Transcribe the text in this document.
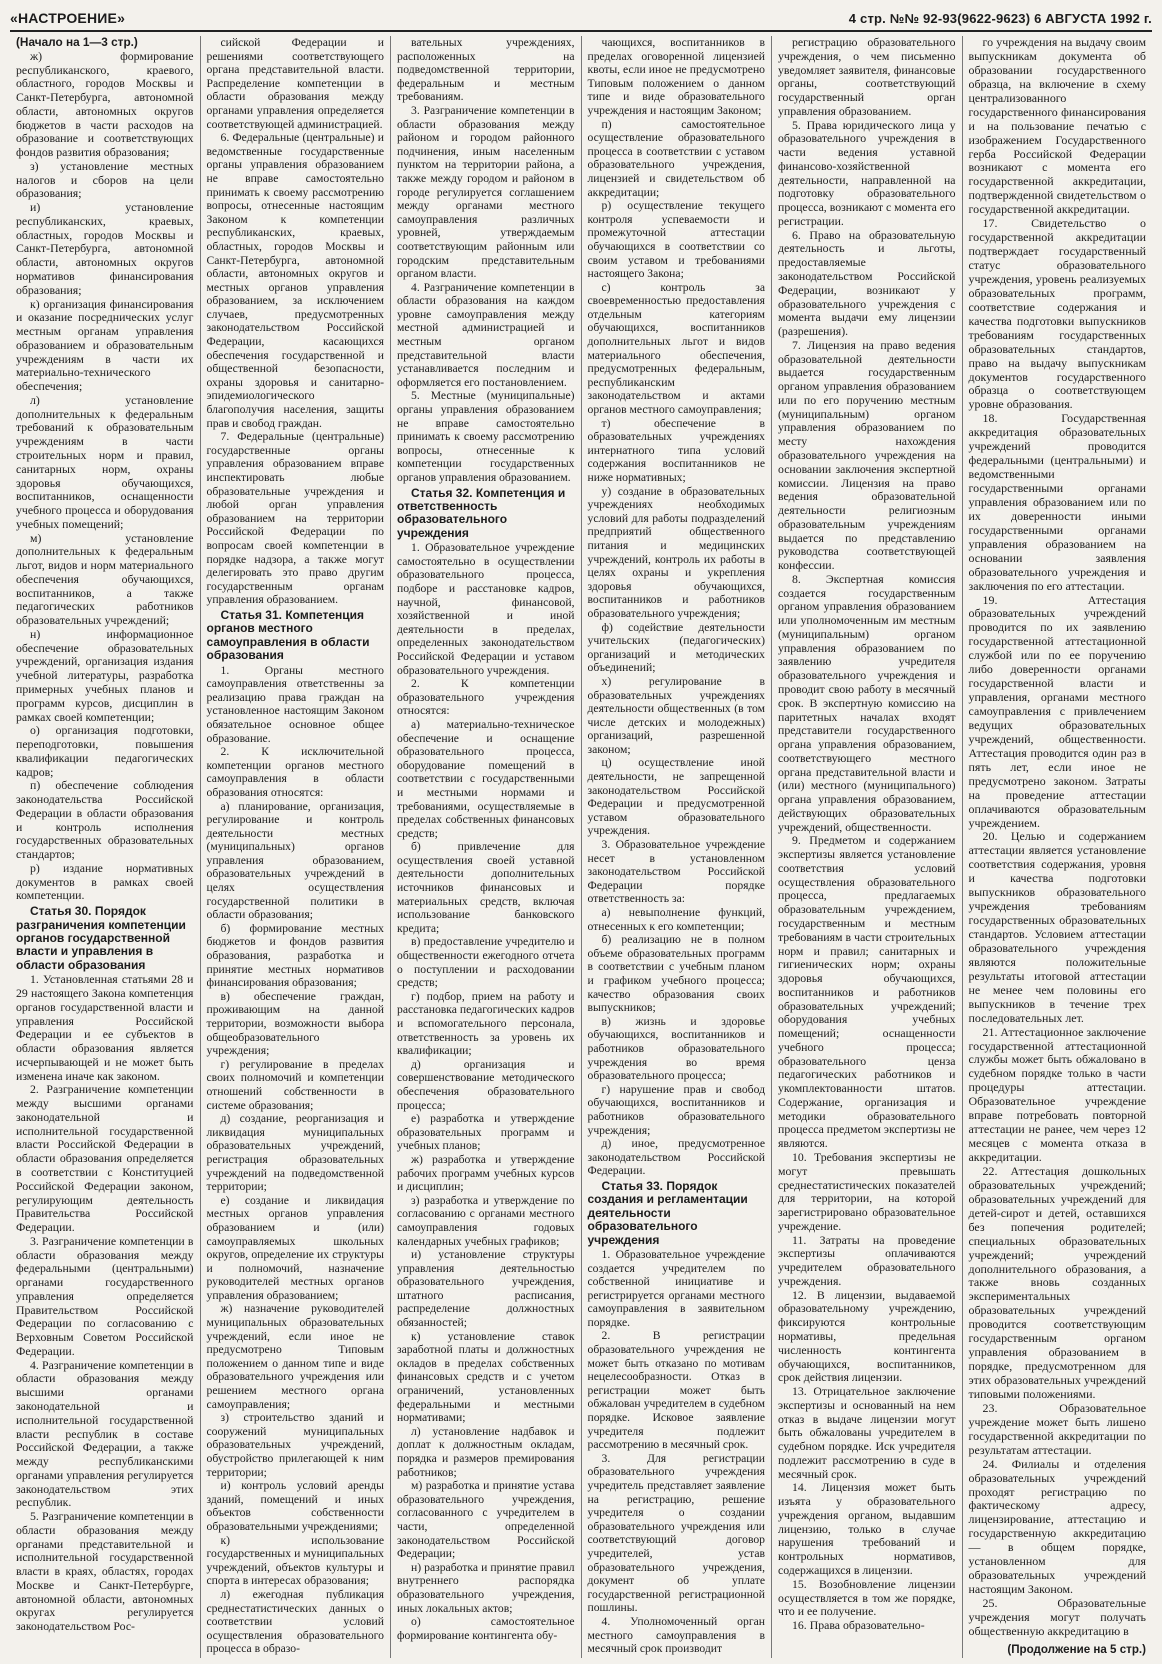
«НАСТРОЕНИЕ»	4 стр. №№ 92-93(9622-9623) 6 АВГУСТА 1992 г.

(Начало на 1—3 стр.)

ж) формирование республиканского, краевого, областного, городов Москвы и Санкт-Петербурга, автономной области, автономных округов бюджетов в части расходов на образование и соответствующих фондов развития образования;

з) установление местных налогов и сборов на цели образования;

и) установление республиканских, краевых, областных, городов Москвы и Санкт-Петербурга, автономной области, автономных округов нормативов финансирования образования;

к) организация финансирования и оказание посреднических услуг местным органам управления образованием и образовательным учреждениям в части их материально-технического обеспечения;

л) установление дополнительных к федеральным требований к образовательным учреждениям в части строительных норм и правил, санитарных норм, охраны здоровья обучающихся, воспитанников, оснащенности учебного процесса и оборудования учебных помещений;

м) установление дополнительных к федеральным льгот, видов и норм материального обеспечения обучающихся, воспитанников, а также педагогических работников образовательных учреждений;

н) информационное обеспечение образовательных учреждений, организация издания учебной литературы, разработка примерных учебных планов и программ курсов, дисциплин в рамках своей компетенции;

о) организация подготовки, переподготовки, повышения квалификации педагогических кадров;

п) обеспечение соблюдения законодательства Российской Федерации в области образования и контроль исполнения государственных образовательных стандартов;

р) издание нормативных документов в рамках своей компетенции.

Статья 30. Порядок разграничения компетенции органов государственной власти и управления в области образования

1. Установленная статьями 28 и 29 настоящего Закона компетенция органов государственной власти и управления Российской Федерации и ее субъектов в области образования является исчерпывающей и не может быть изменена иначе как законом.

2. Разграничение компетенции между высшими органами законодательной и исполнительной государственной власти Российской Федерации в области образования определяется в соответствии с Конституцией Российской Федерации законом, регулирующим деятельность Правительства Российской Федерации.

3. Разграничение компетенции в области образования между федеральными (центральными) органами государственного управления определяется Правительством Российской Федерации по согласованию с Верховным Советом Российской Федерации.

4. Разграничение компетенции в области образования между высшими органами законодательной и исполнительной государственной власти республик в составе Российской Федерации, а также между республиканскими органами управления регулируется законодательством этих республик.

5. Разграничение компетенции в области образования между органами представительной и исполнительной государственной власти в краях, областях, городах Москве и Санкт-Петербурге, автономной области, автономных округах регулируется законодательством Рос-

сийской Федерации и решениями соответствующего органа представительной власти. Распределение компетенции в области образования между органами управления определяется соответствующей администрацией.

6. Федеральные (центральные) и ведомственные государственные органы управления образованием не вправе самостоятельно принимать к своему рассмотрению вопросы, отнесенные настоящим Законом к компетенции республиканских, краевых, областных, городов Москвы и Санкт-Петербурга, автономной области, автономных округов и местных органов управления образованием, за исключением случаев, предусмотренных законодательством Российской Федерации, касающихся обеспечения государственной и общественной безопасности, охраны здоровья и санитарно-эпидемиологического благополучия населения, защиты прав и свобод граждан.

7. Федеральные (центральные) государственные органы управления образованием вправе инспектировать любые образовательные учреждения и любой орган управления образованием на территории Российской Федерации по вопросам своей компетенции в порядке надзора, а также могут делегировать это право другим государственным органам управления образованием.

Статья 31. Компетенция органов местного самоуправления в области образования

1. Органы местного самоуправления ответственны за реализацию права граждан на установленное настоящим Законом обязательное основное общее образование.

2. К исключительной компетенции органов местного самоуправления в области образования относятся:

а) планирование, организация, регулирование и контроль деятельности местных (муниципальных) органов управления образованием, образовательных учреждений в целях осуществления государственной политики в области образования;

б) формирование местных бюджетов и фондов развития образования, разработка и принятие местных нормативов финансирования образования;

в) обеспечение граждан, проживающим на данной территории, возможности выбора общеобразовательного учреждения;

г) регулирование в пределах своих полномочий и компетенции отношений собственности в системе образования;

д) создание, реорганизация и ликвидация муниципальных образовательных учреждений, регистрация образовательных учреждений на подведомственной территории;

е) создание и ликвидация местных органов управления образованием и (или) самоуправляемых школьных округов, определение их структуры и полномочий, назначение руководителей местных органов управления образованием;

ж) назначение руководителей муниципальных образовательных учреждений, если иное не предусмотрено Типовым положением о данном типе и виде образовательного учреждения или решением местного органа самоуправления;

з) строительство зданий и сооружений муниципальных образовательных учреждений, обустройство прилегающей к ним территории;

и) контроль условий аренды зданий, помещений и иных объектов собственности образовательными учреждениями;

к) использование государственных и муниципальных учреждений, объектов культуры и спорта в интересах образования;

л) ежегодная публикация среднестатистических данных о соответствии условий осуществления образовательного процесса в образо-

вательных учреждениях, расположенных на подведомственной территории, федеральным и местным требованиям.

3. Разграничение компетенции в области образования между районом и городом районного подчинения, иным населенным пунктом на территории района, а также между городом и районом в городе регулируется соглашением между органами местного самоуправления различных уровней, утверждаемым соответствующим районным или городским представительным органом власти.

4. Разграничение компетенции в области образования на каждом уровне самоуправления между местной администрацией и местным органом представительной власти устанавливается последним и оформляется его постановлением.

5. Местные (муниципальные) органы управления образованием не вправе самостоятельно принимать к своему рассмотрению вопросы, отнесенные к компетенции государственных органов управления образованием.

Статья 32. Компетенция и ответственность образовательного учреждения

1. Образовательное учреждение самостоятельно в осуществлении образовательного процесса, подборе и расстановке кадров, научной, финансовой, хозяйственной и иной деятельности в пределах, определенных законодательством Российской Федерации и уставом образовательного учреждения.

2. К компетенции образовательного учреждения относятся:

а) материально-техническое обеспечение и оснащение образовательного процесса, оборудование помещений в соответствии с государственными и местными нормами и требованиями, осуществляемые в пределах собственных финансовых средств;

б) привлечение для осуществления своей уставной деятельности дополнительных источников финансовых и материальных средств, включая использование банковского кредита;

в) предоставление учредителю и общественности ежегодного отчета о поступлении и расходовании средств;

г) подбор, прием на работу и расстановка педагогических кадров и вспомогательного персонала, ответственность за уровень их квалификации;

д) организация и совершенствование методического обеспечения образовательного процесса;

е) разработка и утверждение образовательных программ и учебных планов;

ж) разработка и утверждение рабочих программ учебных курсов и дисциплин;

з) разработка и утверждение по согласованию с органами местного самоуправления годовых календарных учебных графиков;

и) установление структуры управления деятельностью образовательного учреждения, штатного расписания, распределение должностных обязанностей;

к) установление ставок заработной платы и должностных окладов в пределах собственных финансовых средств и с учетом ограничений, установленных федеральными и местными нормативами;

л) установление надбавок и доплат к должностным окладам, порядка и размеров премирования работников;

м) разработка и принятие устава образовательного учреждения, согласованного с учредителем в части, определенной законодательством Российской Федерации;

н) разработка и принятие правил внутреннего распорядка образовательного учреждения, иных локальных актов;

о) самостоятельное формирование контингента обу-

чающихся, воспитанников в пределах оговоренной лицензией квоты, если иное не предусмотрено Типовым положением о данном типе и виде образовательного учреждения и настоящим Законом;

п) самостоятельное осуществление образовательного процесса в соответствии с уставом образовательного учреждения, лицензией и свидетельством об аккредитации;

р) осуществление текущего контроля успеваемости и промежуточной аттестации обучающихся в соответствии со своим уставом и требованиями настоящего Закона;

с) контроль за своевременностью предоставления отдельным категориям обучающихся, воспитанников дополнительных льгот и видов материального обеспечения, предусмотренных федеральным, республиканским законодательством и актами органов местного самоуправления;

т) обеспечение в образовательных учреждениях интернатного типа условий содержания воспитанников не ниже нормативных;

у) создание в образовательных учреждениях необходимых условий для работы подразделений предприятий общественного питания и медицинских учреждений, контроль их работы в целях охраны и укрепления здоровья обучающихся, воспитанников и работников образовательного учреждения;

ф) содействие деятельности учительских (педагогических) организаций и методических объединений;

х) регулирование в образовательных учреждениях деятельности общественных (в том числе детских и молодежных) организаций, разрешенной законом;

ц) осуществление иной деятельности, не запрещенной законодательством Российской Федерации и предусмотренной уставом образовательного учреждения.

3. Образовательное учреждение несет в установленном законодательством Российской Федерации порядке ответственность за:

а) невыполнение функций, отнесенных к его компетенции;

б) реализацию не в полном объеме образовательных программ в соответствии с учебным планом и графиком учебного процесса; качество образования своих выпускников;

в) жизнь и здоровье обучающихся, воспитанников и работников образовательного учреждения во время образовательного процесса;

г) нарушение прав и свобод обучающихся, воспитанников и работников образовательного учреждения;

д) иное, предусмотренное законодательством Российской Федерации.

Статья 33. Порядок создания и регламентации деятельности образовательного учреждения

1. Образовательное учреждение создается учредителем по собственной инициативе и регистрируется органами местного самоуправления в заявительном порядке.

2. В регистрации образовательного учреждения не может быть отказано по мотивам нецелесообразности. Отказ в регистрации может быть обжалован учредителем в судебном порядке. Исковое заявление учредителя подлежит рассмотрению в месячный срок.

3. Для регистрации образовательного учреждения учредитель представляет заявление на регистрацию, решение учредителя о создании образовательного учреждения или соответствующий договор учредителей, устав образовательного учреждения, документ об уплате государственной регистрационной пошлины.

4. Уполномоченный орган местного самоуправления в месячный срок производит

регистрацию образовательного учреждения, о чем письменно уведомляет заявителя, финансовые органы, соответствующий государственный орган управления образованием.

5. Права юридического лица у образовательного учреждения в части ведения уставной финансово-хозяйственной деятельности, направленной на подготовку образовательного процесса, возникают с момента его регистрации.

6. Право на образовательную деятельность и льготы, предоставляемые законодательством Российской Федерации, возникают у образовательного учреждения с момента выдачи ему лицензии (разрешения).

7. Лицензия на право ведения образовательной деятельности выдается государственным органом управления образованием или по его поручению местным (муниципальным) органом управления образованием по месту нахождения образовательного учреждения на основании заключения экспертной комиссии. Лицензия на право ведения образовательной деятельности религиозным образовательным учреждениям выдается по представлению руководства соответствующей конфессии.

8. Экспертная комиссия создается государственным органом управления образованием или уполномоченным им местным (муниципальным) органом управления образованием по заявлению учредителя образовательного учреждения и проводит свою работу в месячный срок. В экспертную комиссию на паритетных началах входят представители государственного органа управления образованием, соответствующего местного органа представительной власти и (или) местного (муниципального) органа управления образованием, действующих образовательных учреждений, общественности.

9. Предметом и содержанием экспертизы является установление соответствия условий осуществления образовательного процесса, предлагаемых образовательным учреждением, государственным и местным требованиям в части строительных норм и правил; санитарных и гигиенических норм; охраны здоровья обучающихся, воспитанников и работников образовательных учреждений; оборудования учебных помещений; оснащенности учебного процесса; образовательного ценза педагогических работников и укомплектованности штатов. Содержание, организация и методики образовательного процесса предметом экспертизы не являются.

10. Требования экспертизы не могут превышать среднестатистических показателей для территории, на которой зарегистрировано образовательное учреждение.

11. Затраты на проведение экспертизы оплачиваются учредителем образовательного учреждения.

12. В лицензии, выдаваемой образовательному учреждению, фиксируются контрольные нормативы, предельная численность контингента обучающихся, воспитанников, срок действия лицензии.

13. Отрицательное заключение экспертизы и основанный на нем отказ в выдаче лицензии могут быть обжалованы учредителем в судебном порядке. Иск учредителя подлежит рассмотрению в суде в месячный срок.

14. Лицензия может быть изъята у образовательного учреждения органом, выдавшим лицензию, только в случае нарушения требований и контрольных нормативов, содержащихся в лицензии.

15. Возобновление лицензии осуществляется в том же порядке, что и ее получение.

16. Права образовательно-

го учреждения на выдачу своим выпускникам документа об образовании государственного образца, на включение в схему централизованного государственного финансирования и на пользование печатью с изображением Государственного герба Российской Федерации возникают с момента его государственной аккредитации, подтвержденной свидетельством о государственной аккредитации.

17. Свидетельство о государственной аккредитации подтверждает государственный статус образовательного учреждения, уровень реализуемых образовательных программ, соответствие содержания и качества подготовки выпускников требованиям государственных образовательных стандартов, право на выдачу выпускникам документов государственного образца о соответствующем уровне образования.

18. Государственная аккредитация образовательных учреждений проводится федеральными (центральными) и ведомственными государственными органами управления образованием или по их доверенности иными государственными органами управления образованием на основании заявления образовательного учреждения и заключения по его аттестации.

19. Аттестация образовательных учреждений проводится по их заявлению государственной аттестационной службой или по ее поручению либо доверенности органами государственной власти и управления, органами местного самоуправления с привлечением ведущих образовательных учреждений, общественности. Аттестация проводится один раз в пять лет, если иное не предусмотрено законом. Затраты на проведение аттестации оплачиваются образовательным учреждением.

20. Целью и содержанием аттестации является установление соответствия содержания, уровня и качества подготовки выпускников образовательного учреждения требованиям государственных образовательных стандартов. Условием аттестации образовательного учреждения являются положительные результаты итоговой аттестации не менее чем половины его выпускников в течение трех последовательных лет.

21. Аттестационное заключение государственной аттестационной службы может быть обжаловано в судебном порядке только в части процедуры аттестации. Образовательное учреждение вправе потребовать повторной аттестации не ранее, чем через 12 месяцев с момента отказа в аккредитации.

22. Аттестация дошкольных образовательных учреждений; образовательных учреждений для детей-сирот и детей, оставшихся без попечения родителей; специальных образовательных учреждений; учреждений дополнительного образования, а также вновь созданных экспериментальных образовательных учреждений проводится соответствующим государственным органом управления образованием в порядке, предусмотренном для этих образовательных учреждений типовыми положениями.

23. Образовательное учреждение может быть лишено государственной аккредитации по результатам аттестации.

24. Филиалы и отделения образовательных учреждений проходят регистрацию по фактическому адресу, лицензирование, аттестацию и государственную аккредитацию — в общем порядке, установленном для образовательных учреждений настоящим Законом.

25. Образовательные учреждения могут получать общественную аккредитацию в

(Продолжение на 5 стр.)
